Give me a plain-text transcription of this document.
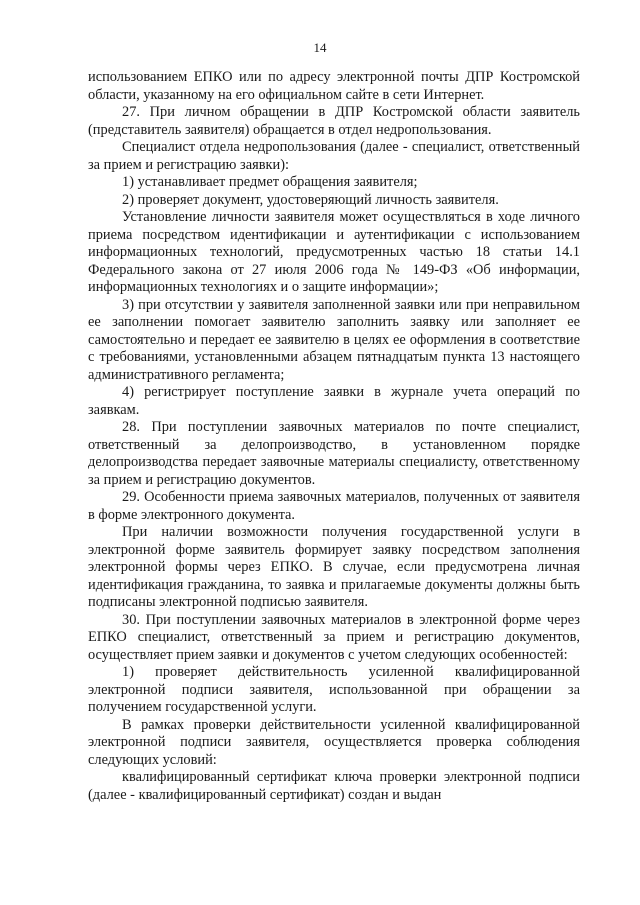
14

использованием ЕПКО или по адресу электронной почты ДПР Костромской области, указанному на его официальном сайте в сети Интернет.

27. При личном обращении в ДПР Костромской области заявитель (представитель заявителя) обращается в отдел недропользования.

Специалист отдела недропользования (далее - специалист, ответственный за прием и регистрацию заявки):

1) устанавливает предмет обращения заявителя;

2) проверяет документ, удостоверяющий личность заявителя.

Установление личности заявителя может осуществляться в ходе личного приема посредством идентификации и аутентификации с использованием информационных технологий, предусмотренных частью 18 статьи 14.1 Федерального закона от 27 июля 2006 года № 149-ФЗ «Об информации, информационных технологиях и о защите информации»;

3) при отсутствии у заявителя заполненной заявки или при неправильном ее заполнении помогает заявителю заполнить заявку или заполняет ее самостоятельно и передает ее заявителю в целях ее оформления в соответствие с требованиями, установленными абзацем пятнадцатым пункта 13 настоящего административного регламента;

4) регистрирует поступление заявки в журнале учета операций по заявкам.

28. При поступлении заявочных материалов по почте специалист, ответственный за делопроизводство, в установленном порядке делопроизводства передает заявочные материалы специалисту, ответственному за прием и регистрацию документов.

29. Особенности приема заявочных материалов, полученных от заявителя в форме электронного документа.

При наличии возможности получения государственной услуги в электронной форме заявитель формирует заявку посредством заполнения электронной формы через ЕПКО. В случае, если предусмотрена личная идентификация гражданина, то заявка и прилагаемые документы должны быть подписаны электронной подписью заявителя.

30. При поступлении заявочных материалов в электронной форме через ЕПКО специалист, ответственный за прием и регистрацию документов, осуществляет прием заявки и документов с учетом следующих особенностей:

1) проверяет действительность усиленной квалифицированной электронной подписи заявителя, использованной при обращении за получением государственной услуги.

В рамках проверки действительности усиленной квалифицированной электронной подписи заявителя, осуществляется проверка соблюдения следующих условий:

квалифицированный сертификат ключа проверки электронной подписи (далее - квалифицированный сертификат) создан и выдан
